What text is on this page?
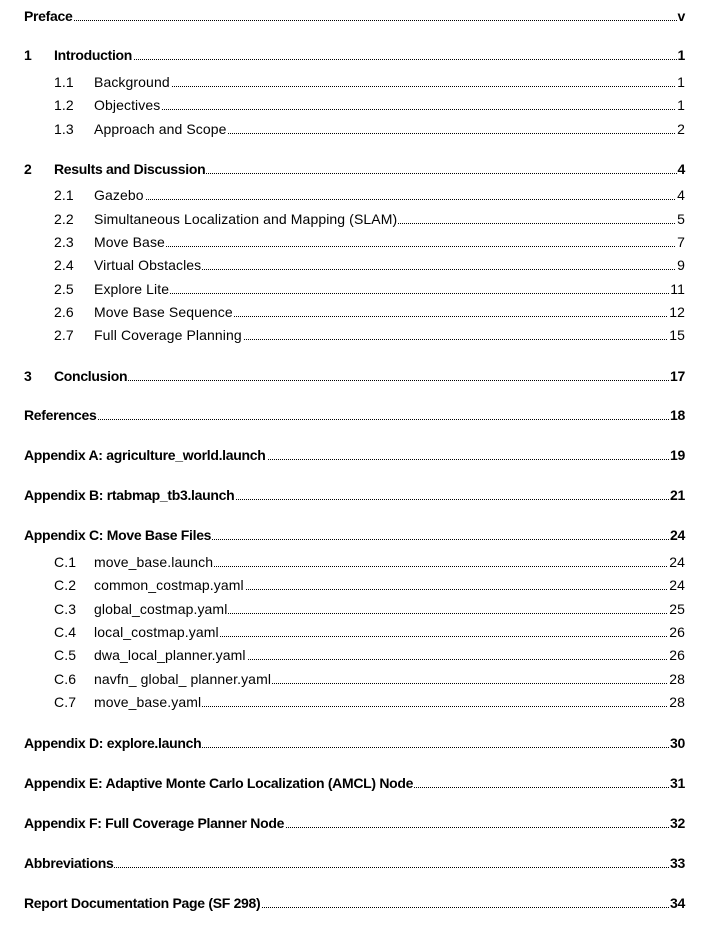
Preface	v
1 Introduction	1
1.1 Background	1
1.2 Objectives	1
1.3 Approach and Scope	2
2 Results and Discussion	4
2.1 Gazebo	4
2.2 Simultaneous Localization and Mapping (SLAM)	5
2.3 Move Base	7
2.4 Virtual Obstacles	9
2.5 Explore Lite	11
2.6 Move Base Sequence	12
2.7 Full Coverage Planning	15
3 Conclusion	17
References	18
Appendix A: agriculture_world.launch	19
Appendix B: rtabmap_tb3.launch	21
Appendix C: Move Base Files	24
C.1 move_base.launch	24
C.2 common_costmap.yaml	24
C.3 global_costmap.yaml	25
C.4 local_costmap.yaml	26
C.5 dwa_local_planner.yaml	26
C.6 navfn_ global_ planner.yaml	28
C.7 move_base.yaml	28
Appendix D: explore.launch	30
Appendix E: Adaptive Monte Carlo Localization (AMCL) Node	31
Appendix F: Full Coverage Planner Node	32
Abbreviations	33
Report Documentation Page (SF 298)	34
